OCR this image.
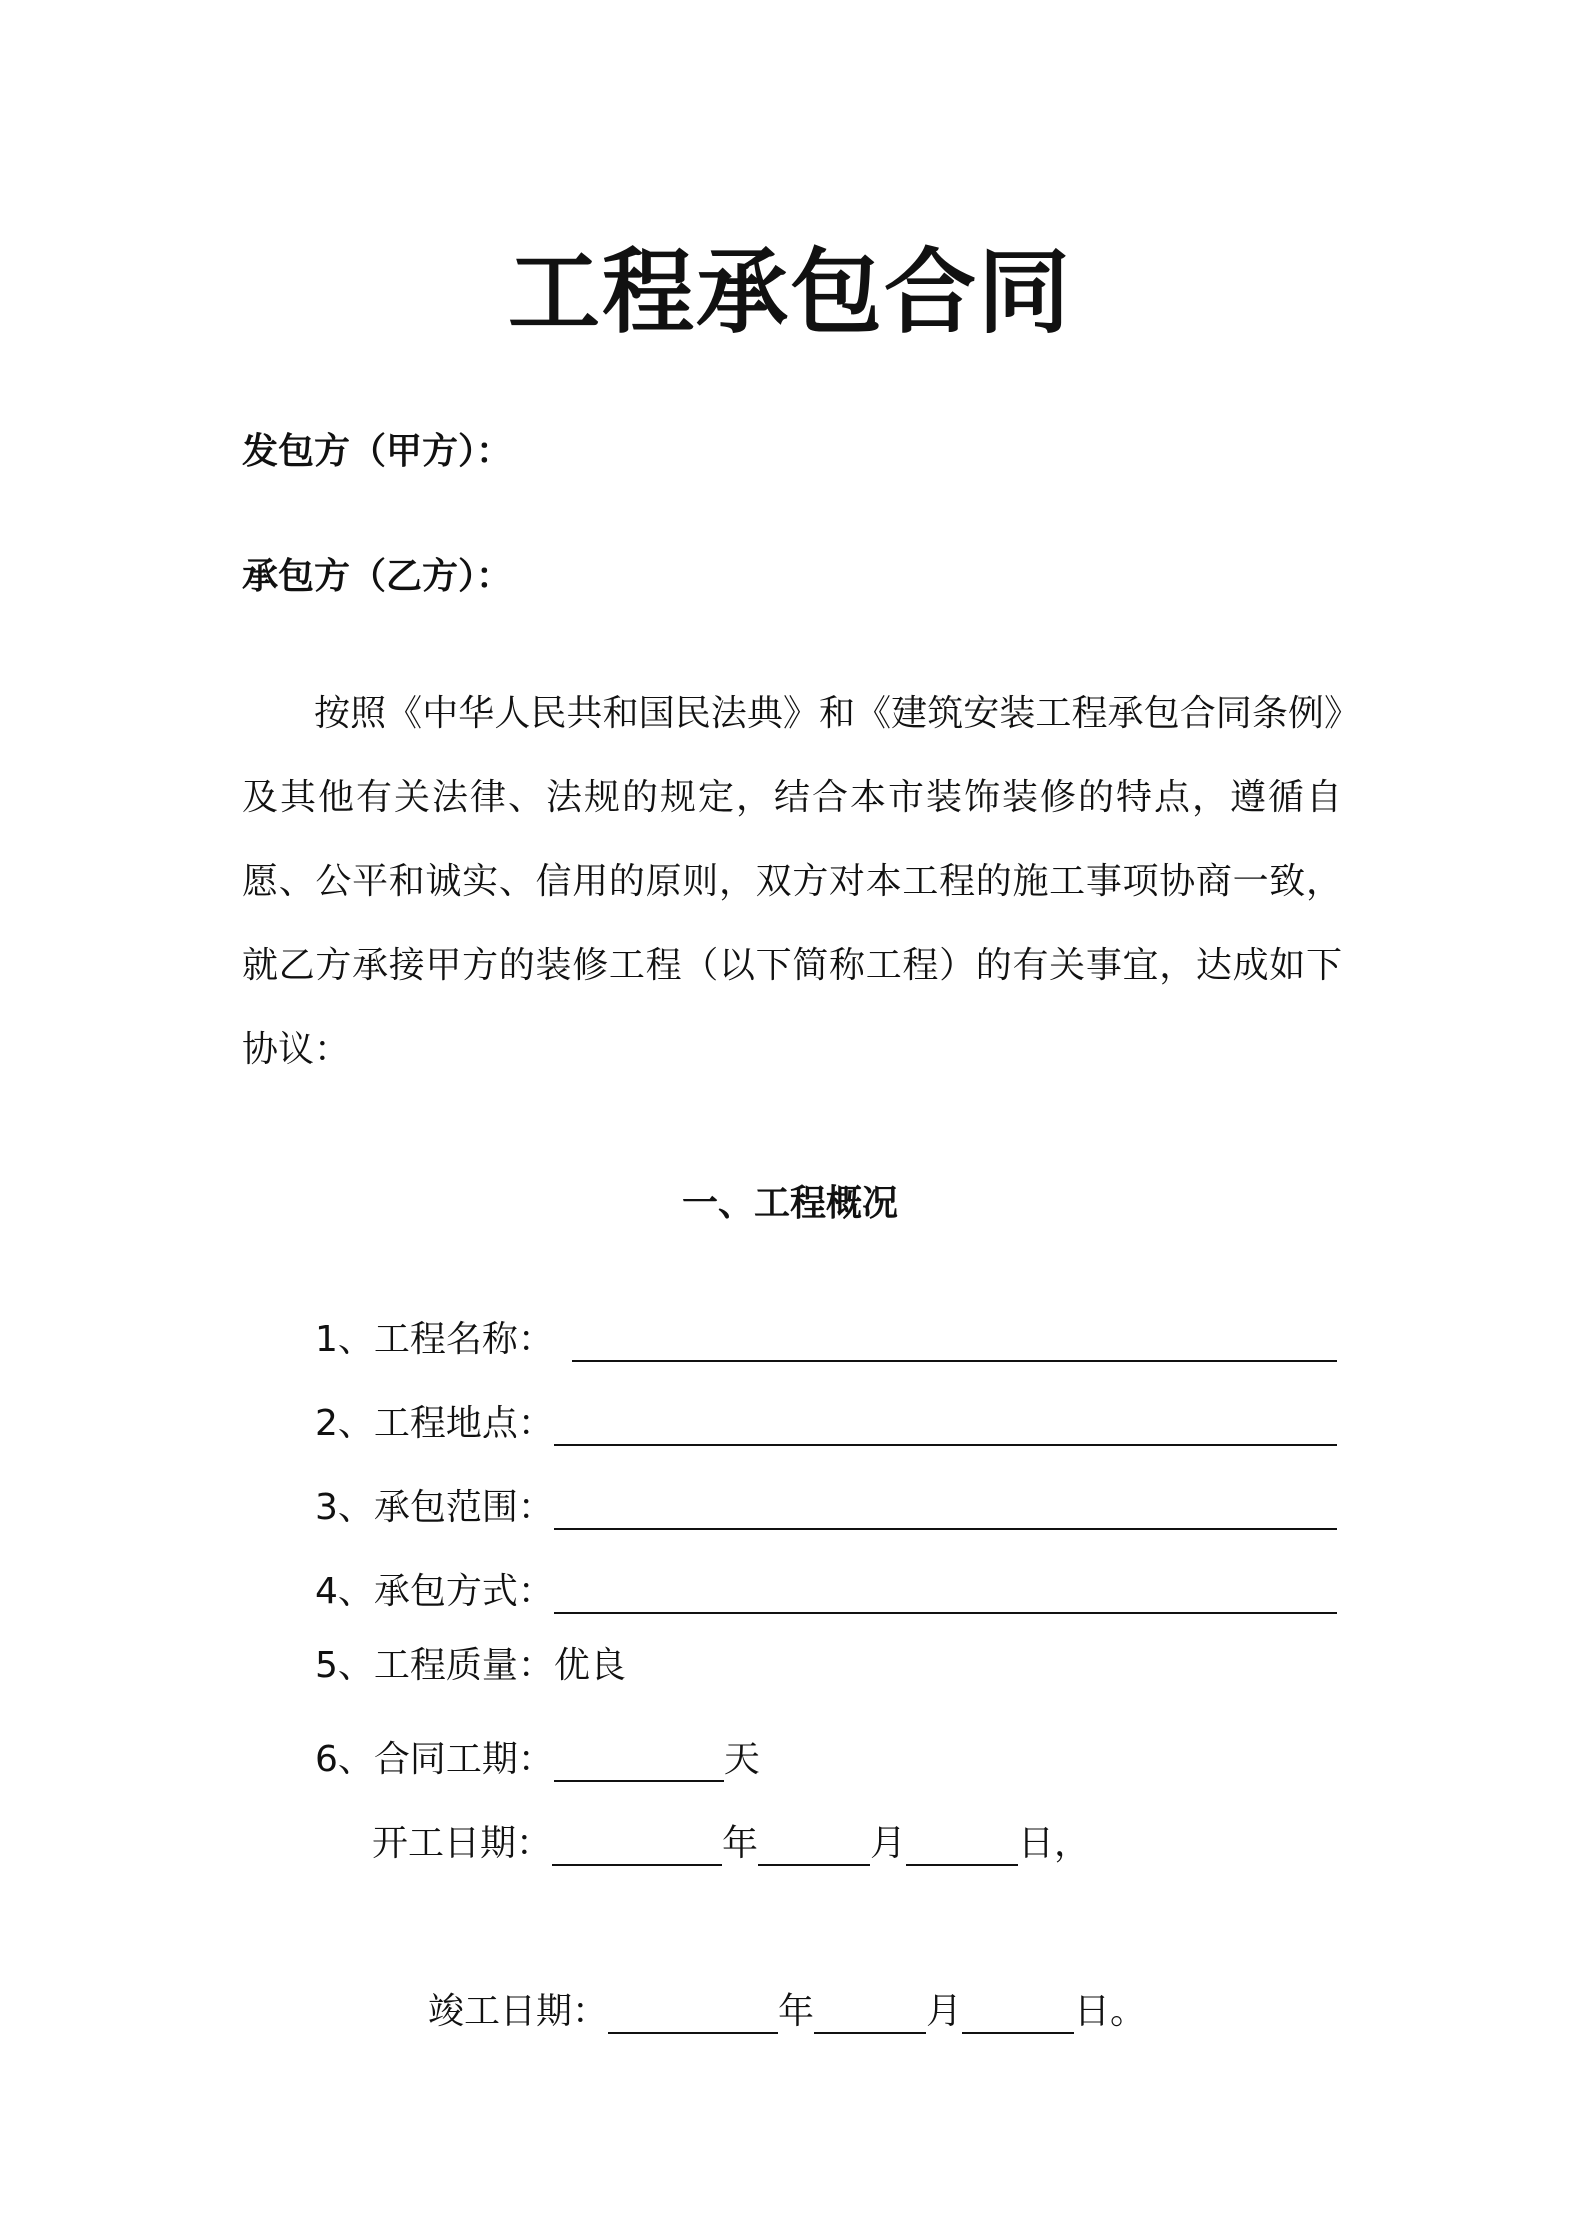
工程承包合同
发包方（甲方）：
承包方（乙方）：

按照《中华人民共和国民法典》和《建筑安装工程承包合同条例》及其他有关法律、法规的规定，结合本市装饰装修的特点，遵循自愿、公平和诚实、信用的原则，双方对本工程的施工事项协商一致，就乙方承接甲方的装修工程（以下简称工程）的有关事宜，达成如下协议：

一、工程概况
1、工程名称：
2、工程地点：
3、承包范围：
4、承包方式：
5、工程质量：优良
6、合同工期：	天
开工日期：	年	月	日，
竣工日期：	年	月	日。
